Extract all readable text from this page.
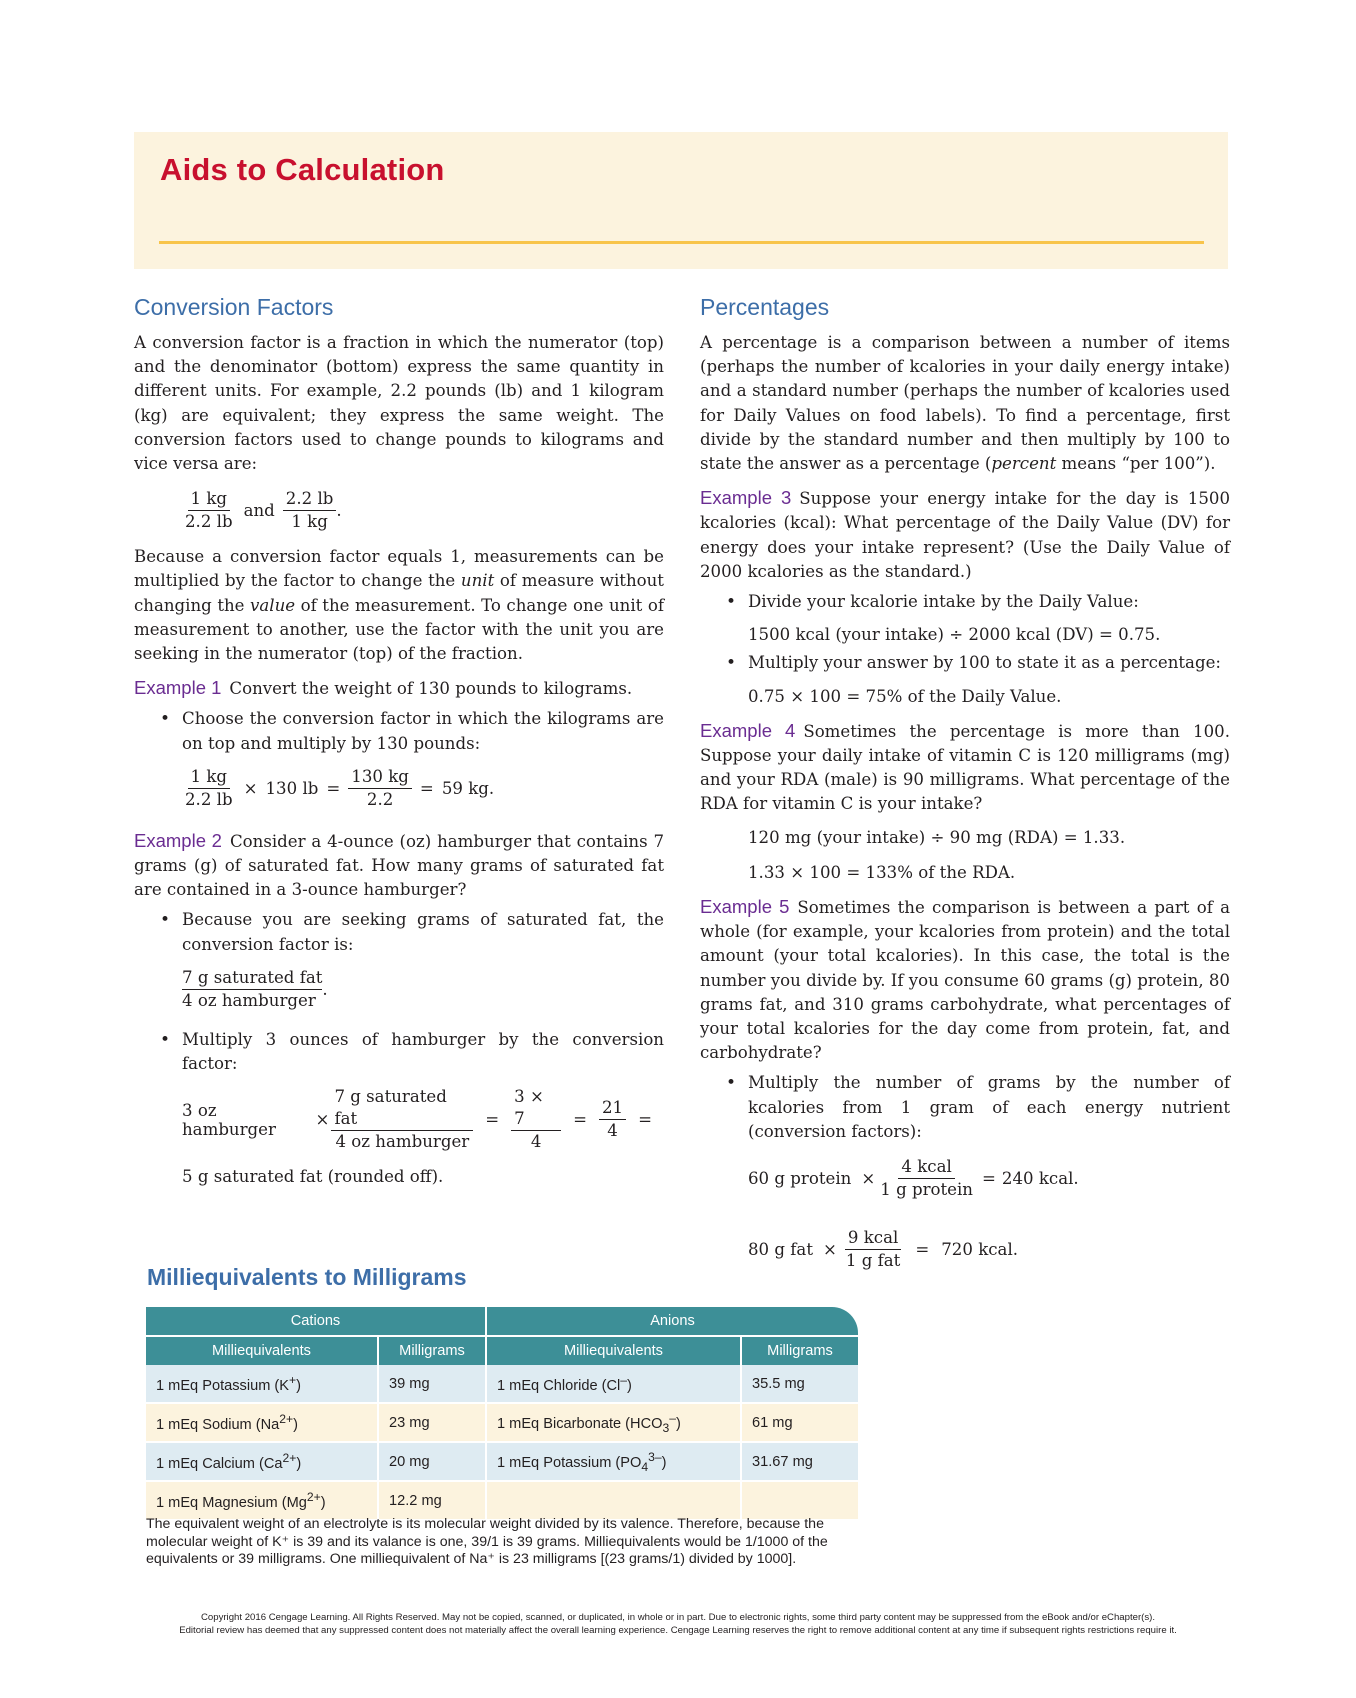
Aids to Calculation
Conversion Factors

A conversion factor is a fraction in which the numerator (top) and the denominator (bottom) express the same quantity in different units. For example, 2.2 pounds (lb) and 1 kilogram (kg) are equivalent; they express the same weight. The conversion factors used to change pounds to kilograms and vice versa are:

$\frac{1 kg}{2.2 lb}$ and $\frac{2.2 lb}{1 kg}$ .

Because a conversion factor equals 1, measurements can be multiplied by the factor to change the unit of measure without changing the value of the measurement. To change one unit of measurement to another, use the factor with the unit you are seeking in the numerator (top) of the fraction.

Example 1 Convert the weight of 130 pounds to kilograms.

• Choose the conversion factor in which the kilograms are on top and multiply by 130 pounds:
$\frac{1 kg}{2.2 lb} \times 130$ lb = $\frac{130 kg}{2.2} = 59$ kg.

Example 2 Consider a 4-ounce (oz) hamburger that contains 7 grams (g) of saturated fat. How many grams of saturated fat are contained in a 3-ounce hamburger?

• Because you are seeking grams of saturated fat, the conversion factor is:
$\frac{\text{7 g saturated fat}}{\text{4 oz hamburger}}$ .
• Multiply 3 ounces of hamburger by the conversion factor:
3 oz hamburger	× $\frac{\text{7 g saturated fat}}{\text{4 oz hamburger}} = \frac{3 \times 7}{4} = \frac{21}{4}$ =

5 g saturated fat (rounded off).

Percentages

A percentage is a comparison between a number of items (perhaps the number of kcalories in your daily energy intake) and a standard number (perhaps the number of kcalories used for Daily Values on food labels). To find a percentage, first divide by the standard number and then multiply by 100 to state the answer as a percentage (percent means “per 100”).

Example 3 Suppose your energy intake for the day is 1500 kcalories (kcal): What percentage of the Daily Value (DV) for energy does your intake represent? (Use the Daily Value of 2000 kcalories as the standard.)

• Divide your kcalorie intake by the Daily Value:

1500 kcal (your intake) ÷ 2000 kcal (DV) = 0.75.

• Multiply your answer by 100 to state it as a percentage:

0.75 × 100 = 75% of the Daily Value.

Example 4 Sometimes the percentage is more than 100. Suppose your daily intake of vitamin C is 120 milligrams (mg) and your RDA (male) is 90 milligrams. What percentage of the RDA for vitamin C is your intake?

120 mg (your intake) ÷ 90 mg (RDA) = 1.33.

1.33 × 100 = 133% of the RDA.

Example 5 Sometimes the comparison is between a part of a whole (for example, your kcalories from protein) and the total amount (your total kcalories). In this case, the total is the number you divide by. If you consume 60 grams (g) protein, 80 grams fat, and 310 grams carbohydrate, what percentages of your total kcalories for the day come from protein, fat, and carbohydrate?

• Multiply the number of grams by the number of kcalories from 1 gram of each energy nutrient (conversion factors):
60 g protein × $\frac{\text{4 kcal}}{\text{1 g protein}} = 240$ kcal.
80 g fat × $\frac{\text{9 kcal}}{\text{1 g fat}} = 720$ kcal.
Milliequivalents to Milligrams
Cations		Anions	
Milliequivalents	Milligrams	Milliequivalents	Milligrams
1 mEq Potassium (K+)	39 mg	1 mEq Chloride (Cl–)	35.5 mg
1 mEq Sodium $(Na^{2+})$	23 mg	1 mEq Bicarbonate $(HCO_3^-)$	61 mg
1 mEq Calcium $(Ca^{2+})$	20 mg	1 mEq Potassium $(PO_4^{3-})$	31.67 mg
1 mEq Magnesium $(Mg^{2+})$	12.2 mg		

The equivalent weight of an electrolyte is its molecular weight divided by its valence. Therefore, because the molecular weight of K⁺ is 39 and its valance is one, 39/1 is 39 grams. Milliequivalents would be 1/1000 of the equivalents or 39 milligrams. One milliequivalent of Na⁺ is 23 milligrams [(23 grams/1) divided by 1000].

Copyright 2016 Cengage Learning. All Rights Reserved. May not be copied, scanned, or duplicated, in whole or in part. Due to electronic rights, some third party content may be suppressed from the eBook and/or eChapter(s).
Editorial review has deemed that any suppressed content does not materially affect the overall learning experience. Cengage Learning reserves the right to remove additional content at any time if subsequent rights restrictions require it.
